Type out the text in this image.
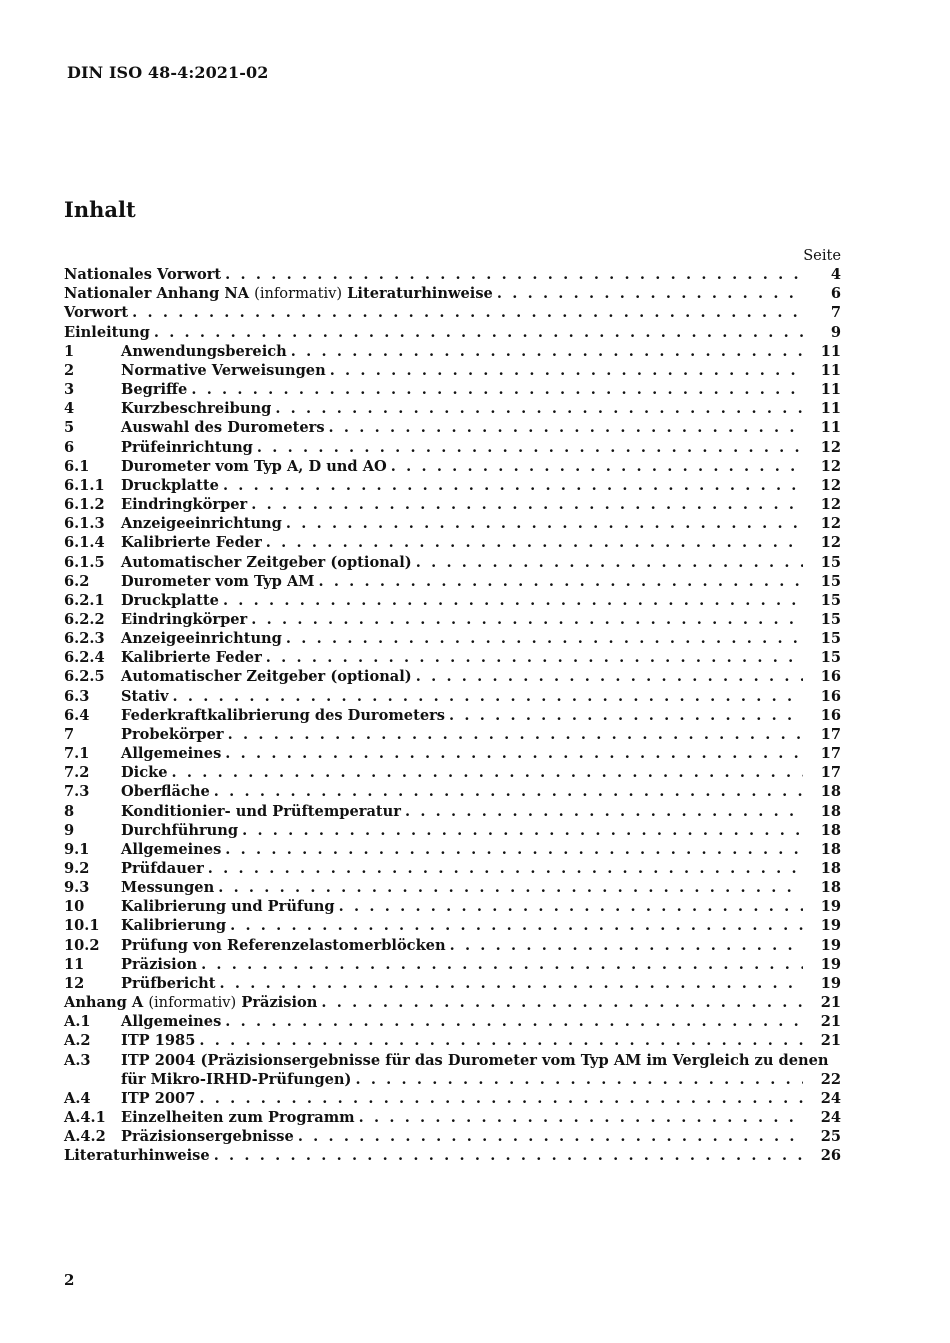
DIN ISO 48-4:2021-02
Inhalt
Seite
Nationales Vorwort . . .	4
Nationaler Anhang NA (informativ) Literaturhinweise . . .	6
Vorwort . . .	7
Einleitung . . .	9
1	Anwendungsbereich . . .	11
2	Normative Verweisungen . . .	11
3	Begriffe . . .	11
4	Kurzbeschreibung . . .	11
5	Auswahl des Durometers . . .	11
6	Prüfeinrichtung . . .	12
6.1	Durometer vom Typ A, D und AO . . .	12
6.1.1	Druckplatte . . .	12
6.1.2	Eindringkörper . . .	12
6.1.3	Anzeigeeinrichtung . . .	12
6.1.4	Kalibrierte Feder . . .	12
6.1.5	Automatischer Zeitgeber (optional) . . .	15
6.2	Durometer vom Typ AM . . .	15
6.2.1	Druckplatte . . .	15
6.2.2	Eindringkörper . . .	15
6.2.3	Anzeigeeinrichtung . . .	15
6.2.4	Kalibrierte Feder . . .	15
6.2.5	Automatischer Zeitgeber (optional) . . .	16
6.3	Stativ . . .	16
6.4	Federkraftkalibrierung des Durometers . . .	16
7	Probekörper . . .	17
7.1	Allgemeines . . .	17
7.2	Dicke . . .	17
7.3	Oberfläche . . .	18
8	Konditionier- und Prüftemperatur . . .	18
9	Durchführung . . .	18
9.1	Allgemeines . . .	18
9.2	Prüfdauer . . .	18
9.3	Messungen . . .	18
10	Kalibrierung und Prüfung . . .	19
10.1	Kalibrierung . . .	19
10.2	Prüfung von Referenzelastomerblöcken . . .	19
11	Präzision . . .	19
12	Prüfbericht . . .	19
Anhang A (informativ) Präzision . . .	21
A.1	Allgemeines . . .	21
A.2	ITP 1985 . . .	21
A.3	ITP 2004 (Präzisionsergebnisse für das Durometer vom Typ AM im Vergleich zu denen
für Mikro-IRHD-Prüfungen) . . .	22
A.4	ITP 2007 . . .	24
A.4.1	Einzelheiten zum Programm . . .	24
A.4.2	Präzisionsergebnisse . . .	25
Literaturhinweise . . .	26
2
